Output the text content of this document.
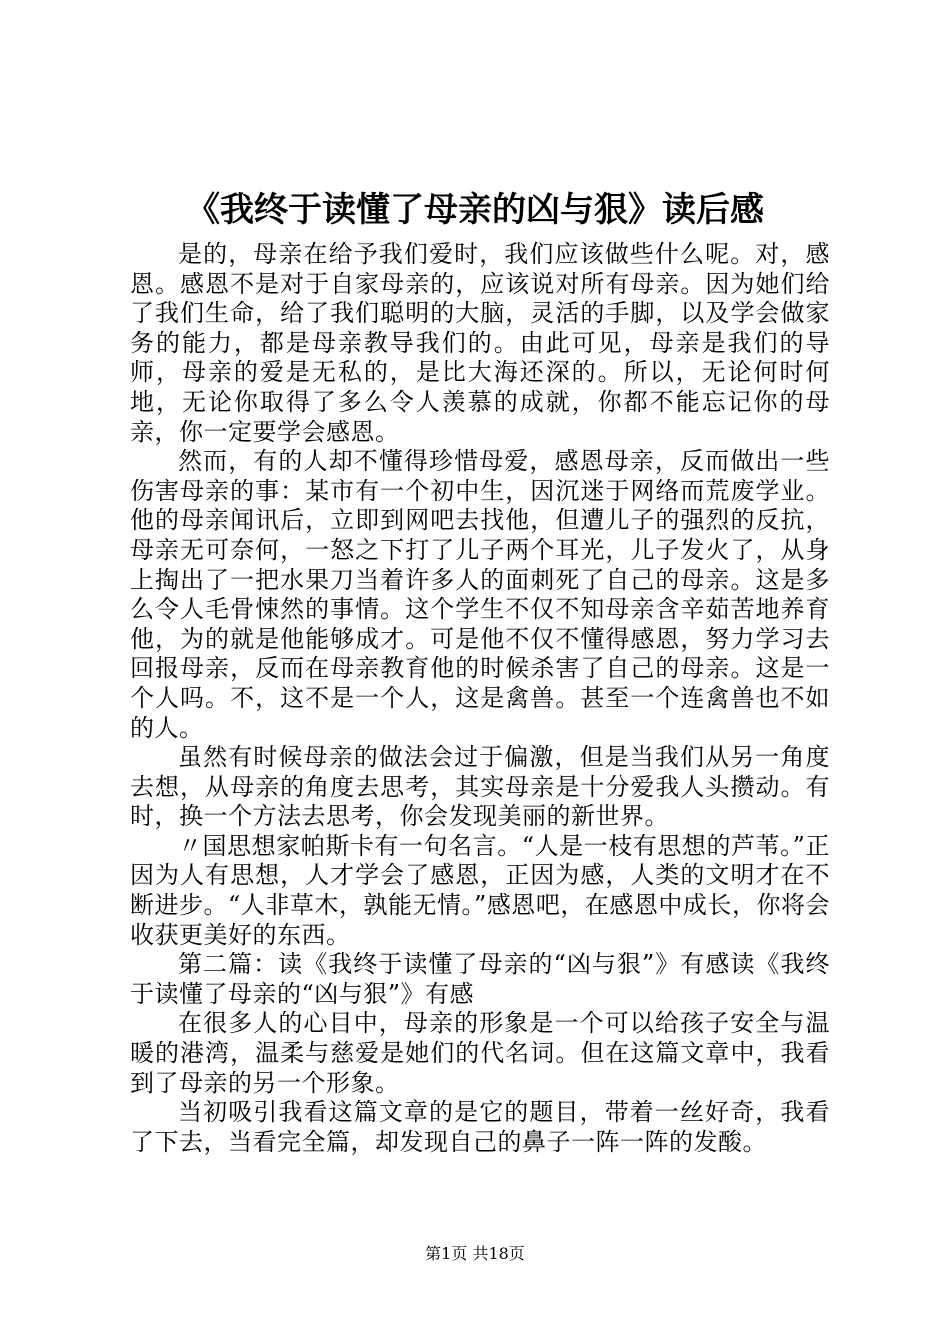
《我终于读懂了母亲的凶与狠》读后感

是的，母亲在给予我们爱时，我们应该做些什么呢。对，感恩。感恩不是对于自家母亲的，应该说对所有母亲。因为她们给了我们生命，给了我们聪明的大脑，灵活的手脚，以及学会做家务的能力，都是母亲教导我们的。由此可见，母亲是我们的导师，母亲的爱是无私的，是比大海还深的。所以，无论何时何地，无论你取得了多么令人羡慕的成就，你都不能忘记你的母亲，你一定要学会感恩。

然而，有的人却不懂得珍惜母爱，感恩母亲，反而做出一些伤害母亲的事：某市有一个初中生，因沉迷于网络而荒废学业。他的母亲闻讯后，立即到网吧去找他，但遭儿子的强烈的反抗，母亲无可奈何，一怒之下打了儿子两个耳光，儿子发火了，从身上掏出了一把水果刀当着许多人的面刺死了自己的母亲。这是多么令人毛骨悚然的事情。这个学生不仅不知母亲含辛茹苦地养育他，为的就是他能够成才。可是他不仅不懂得感恩，努力学习去回报母亲，反而在母亲教育他的时候杀害了自己的母亲。这是一个人吗。不，这不是一个人，这是禽兽。甚至一个连禽兽也不如的人。

虽然有时候母亲的做法会过于偏激，但是当我们从另一角度去想，从母亲的角度去思考，其实母亲是十分爱我人头攒动。有时，换一个方法去思考，你会发现美丽的新世界。

〃国思想家帕斯卡有一句名言。“人是一枝有思想的芦苇。”正因为人有思想，人才学会了感恩，正因为感，人类的文明才在不断进步。“人非草木，孰能无情。”感恩吧，在感恩中成长，你将会收获更美好的东西。

第二篇：读《我终于读懂了母亲的“凶与狠”》有感读《我终于读懂了母亲的“凶与狠”》有感

在很多人的心目中，母亲的形象是一个可以给孩子安全与温暖的港湾，温柔与慈爱是她们的代名词。但在这篇文章中，我看到了母亲的另一个形象。

当初吸引我看这篇文章的是它的题目，带着一丝好奇，我看了下去，当看完全篇，却发现自己的鼻子一阵一阵的发酸。

第1页 共18页
